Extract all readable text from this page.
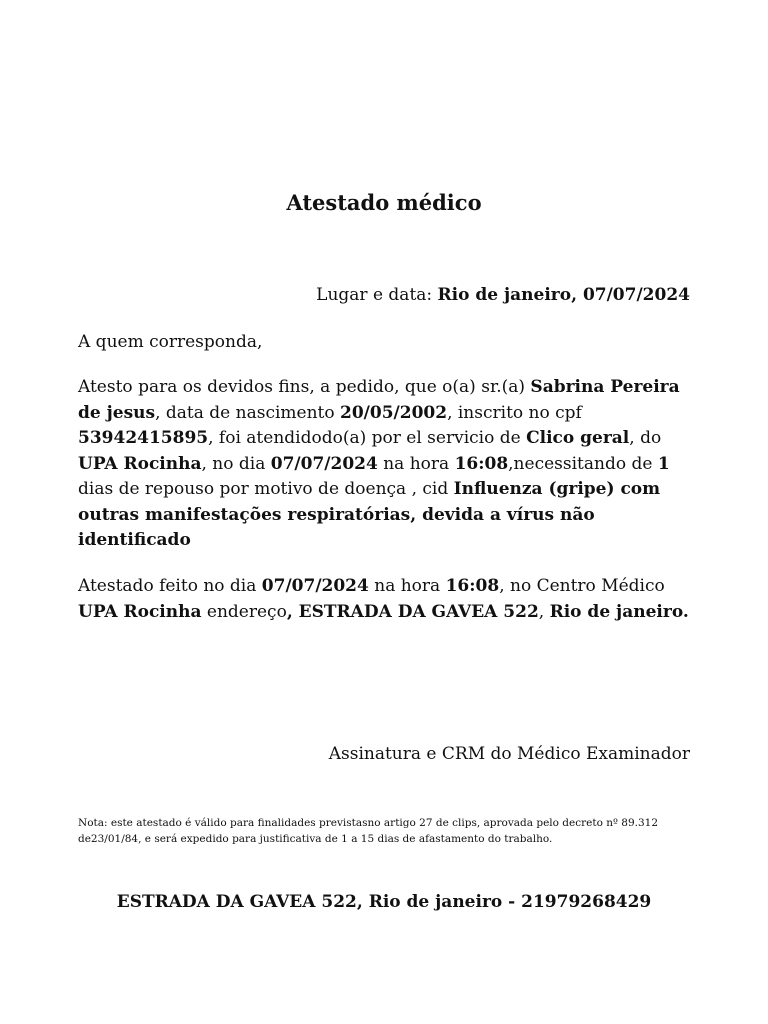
Atestado médico
Lugar e data: Rio de janeiro, 07/07/2024
A quem corresponda,
Atesto para os devidos fins, a pedido, que o(a) sr.(a) Sabrina Pereira de jesus, data de nascimento 20/05/2002, inscrito no cpf 53942415895, foi atendidodo(a) por el servicio de Clico geral, do UPA Rocinha, no dia 07/07/2024 na hora 16:08,necessitando de 1 dias de repouso por motivo de doença , cid Influenza (gripe) com outras manifestações respiratórias, devida a vírus não identificado
Atestado feito no dia 07/07/2024 na hora 16:08, no Centro Médico UPA Rocinha endereço, ESTRADA DA GAVEA 522, Rio de janeiro.
Assinatura e CRM do Médico Examinador
Nota: este atestado é válido para finalidades previstasno artigo 27 de clips, aprovada pelo decreto nº 89.312 de23/01/84, e será expedido para justificativa de 1 a 15 dias de afastamento do trabalho.
ESTRADA DA GAVEA 522, Rio de janeiro - 21979268429
